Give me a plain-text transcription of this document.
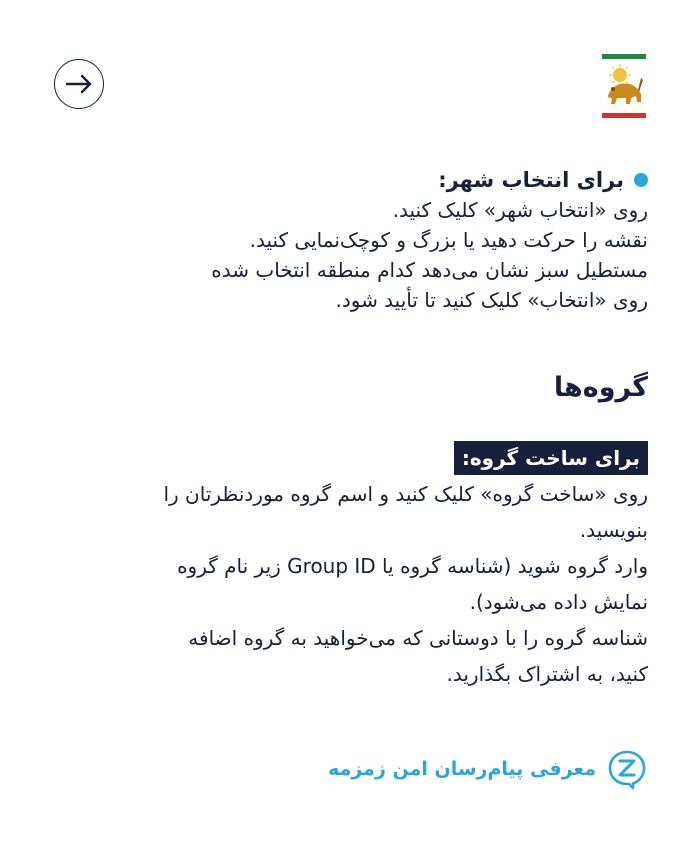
برای انتخاب شهر:
روی «انتخاب شهر» کلیک کنید.
نقشه را حرکت دهید یا بزرگ و کوچک‌نمایی کنید.
مستطیل سبز نشان می‌دهد کدام منطقه انتخاب شده
روی «انتخاب» کلیک کنید تا تأیید شود.
گروه‌ها
برای ساخت گروه:
روی «ساخت گروه» کلیک کنید و اسم گروه موردنظرتان را
بنویسید.
وارد گروه شوید (شناسه گروه یا Group ID زیر نام گروه
نمایش داده می‌شود).
شناسه گروه را با دوستانی که می‌خواهید به گروه اضافه
کنید، به اشتراک بگذارید.
معرفی پیام‌رسان امن زمزمه
